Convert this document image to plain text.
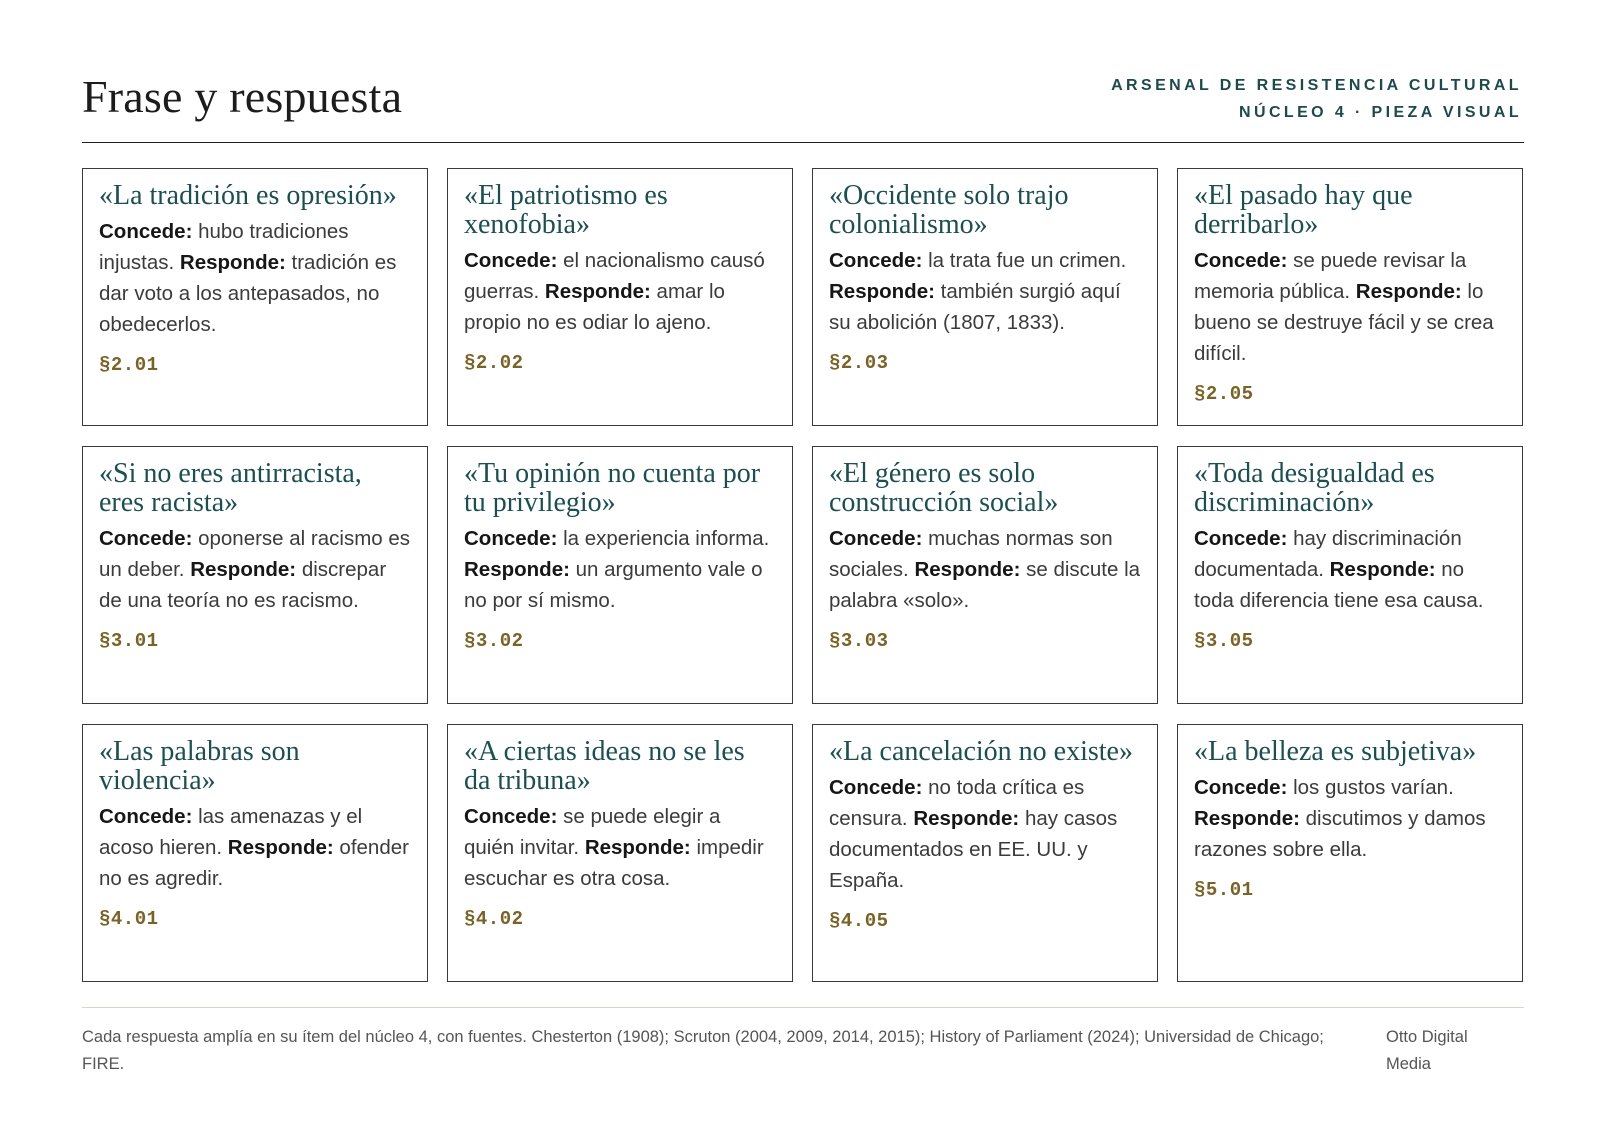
Frase y respuesta	ARSENAL DE RESISTENCIA CULTURAL
NÚCLEO 4 · PIEZA VISUAL
«La tradición es opresión»

Concede: hubo tradiciones injustas. Responde: tradición es dar voto a los antepasados, no obedecerlos.

§2.01
«El patriotismo es xenofobia»

Concede: el nacionalismo causó guerras. Responde: amar lo propio no es odiar lo ajeno.

§2.02
«Occidente solo trajo colonialismo»

Concede: la trata fue un crimen. Responde: también surgió aquí su abolición (1807, 1833).

§2.03
«El pasado hay que derribarlo»

Concede: se puede revisar la memoria pública. Responde: lo bueno se destruye fácil y se crea difícil.

§2.05
«Si no eres antirracista, eres racista»

Concede: oponerse al racismo es un deber. Responde: discrepar de una teoría no es racismo.

§3.01
«Tu opinión no cuenta por tu privilegio»

Concede: la experiencia informa. Responde: un argumento vale o no por sí mismo.

§3.02
«El género es solo construcción social»

Concede: muchas normas son sociales. Responde: se discute la palabra «solo».

§3.03
«Toda desigualdad es discriminación»

Concede: hay discriminación documentada. Responde: no toda diferencia tiene esa causa.

§3.05
«Las palabras son violencia»

Concede: las amenazas y el acoso hieren. Responde: ofender no es agredir.

§4.01
«A ciertas ideas no se les da tribuna»

Concede: se puede elegir a quién invitar. Responde: impedir escuchar es otra cosa.

§4.02
«La cancelación no existe»

Concede: no toda crítica es censura. Responde: hay casos documentados en EE. UU. y España.

§4.05
«La belleza es subjetiva»

Concede: los gustos varían. Responde: discutimos y damos razones sobre ella.

§5.01

Cada respuesta amplía en su ítem del núcleo 4, con fuentes. Chesterton (1908); Scruton (2004, 2009, 2014, 2015); History of Parliament (2024); Universidad de Chicago; FIRE.

Otto Digital Media
